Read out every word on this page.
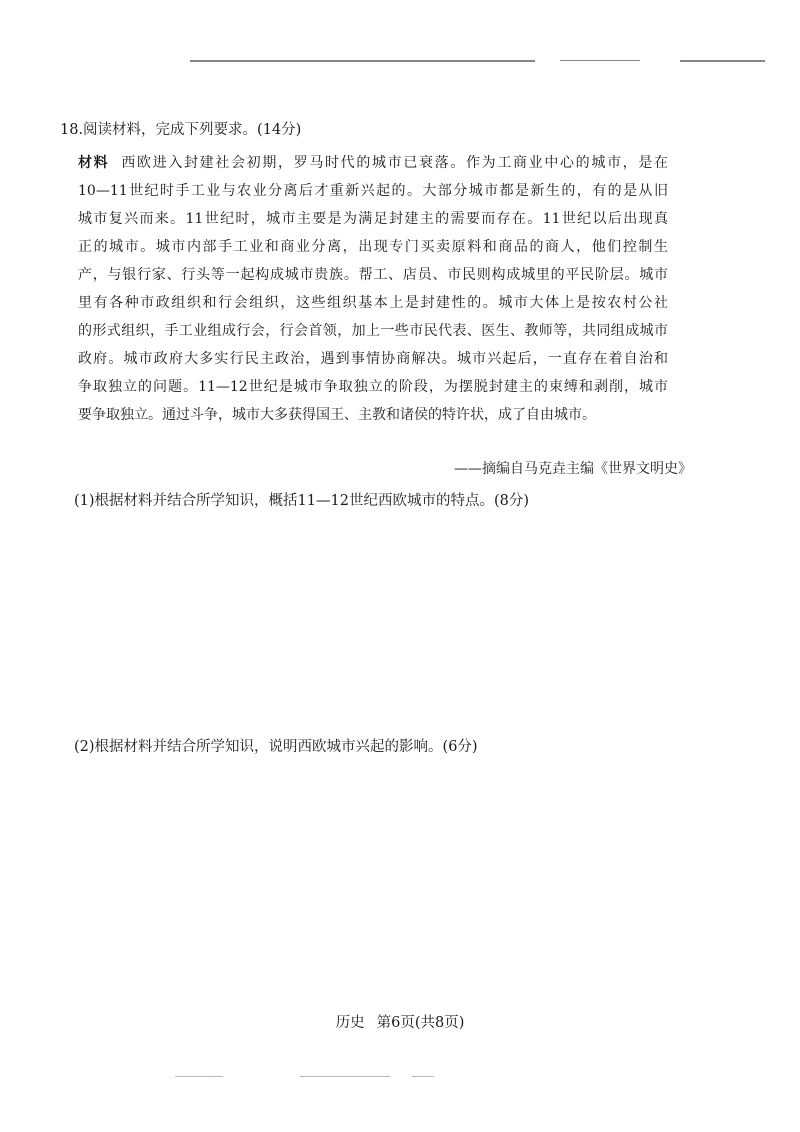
18.阅读材料，完成下列要求。(14分)
材料 西欧进入封建社会初期，罗马时代的城市已衰落。作为工商业中心的城市，是在
10—11世纪时手工业与农业分离后才重新兴起的。大部分城市都是新生的，有的是从旧
城市复兴而来。11世纪时，城市主要是为满足封建主的需要而存在。11世纪以后出现真
正的城市。城市内部手工业和商业分离，出现专门买卖原料和商品的商人，他们控制生
产，与银行家、行头等一起构成城市贵族。帮工、店员、市民则构成城里的平民阶层。城市
里有各种市政组织和行会组织，这些组织基本上是封建性的。城市大体上是按农村公社
的形式组织，手工业组成行会，行会首领，加上一些市民代表、医生、教师等，共同组成城市
政府。城市政府大多实行民主政治，遇到事情协商解决。城市兴起后，一直存在着自治和
争取独立的问题。11—12世纪是城市争取独立的阶段，为摆脱封建主的束缚和剥削，城市
要争取独立。通过斗争，城市大多获得国王、主教和诸侯的特许状，成了自由城市。
——摘编自马克垚主编《世界文明史》
(1)根据材料并结合所学知识，概括11—12世纪西欧城市的特点。(8分)
(2)根据材料并结合所学知识，说明西欧城市兴起的影响。(6分)
历史 第6页(共8页)
